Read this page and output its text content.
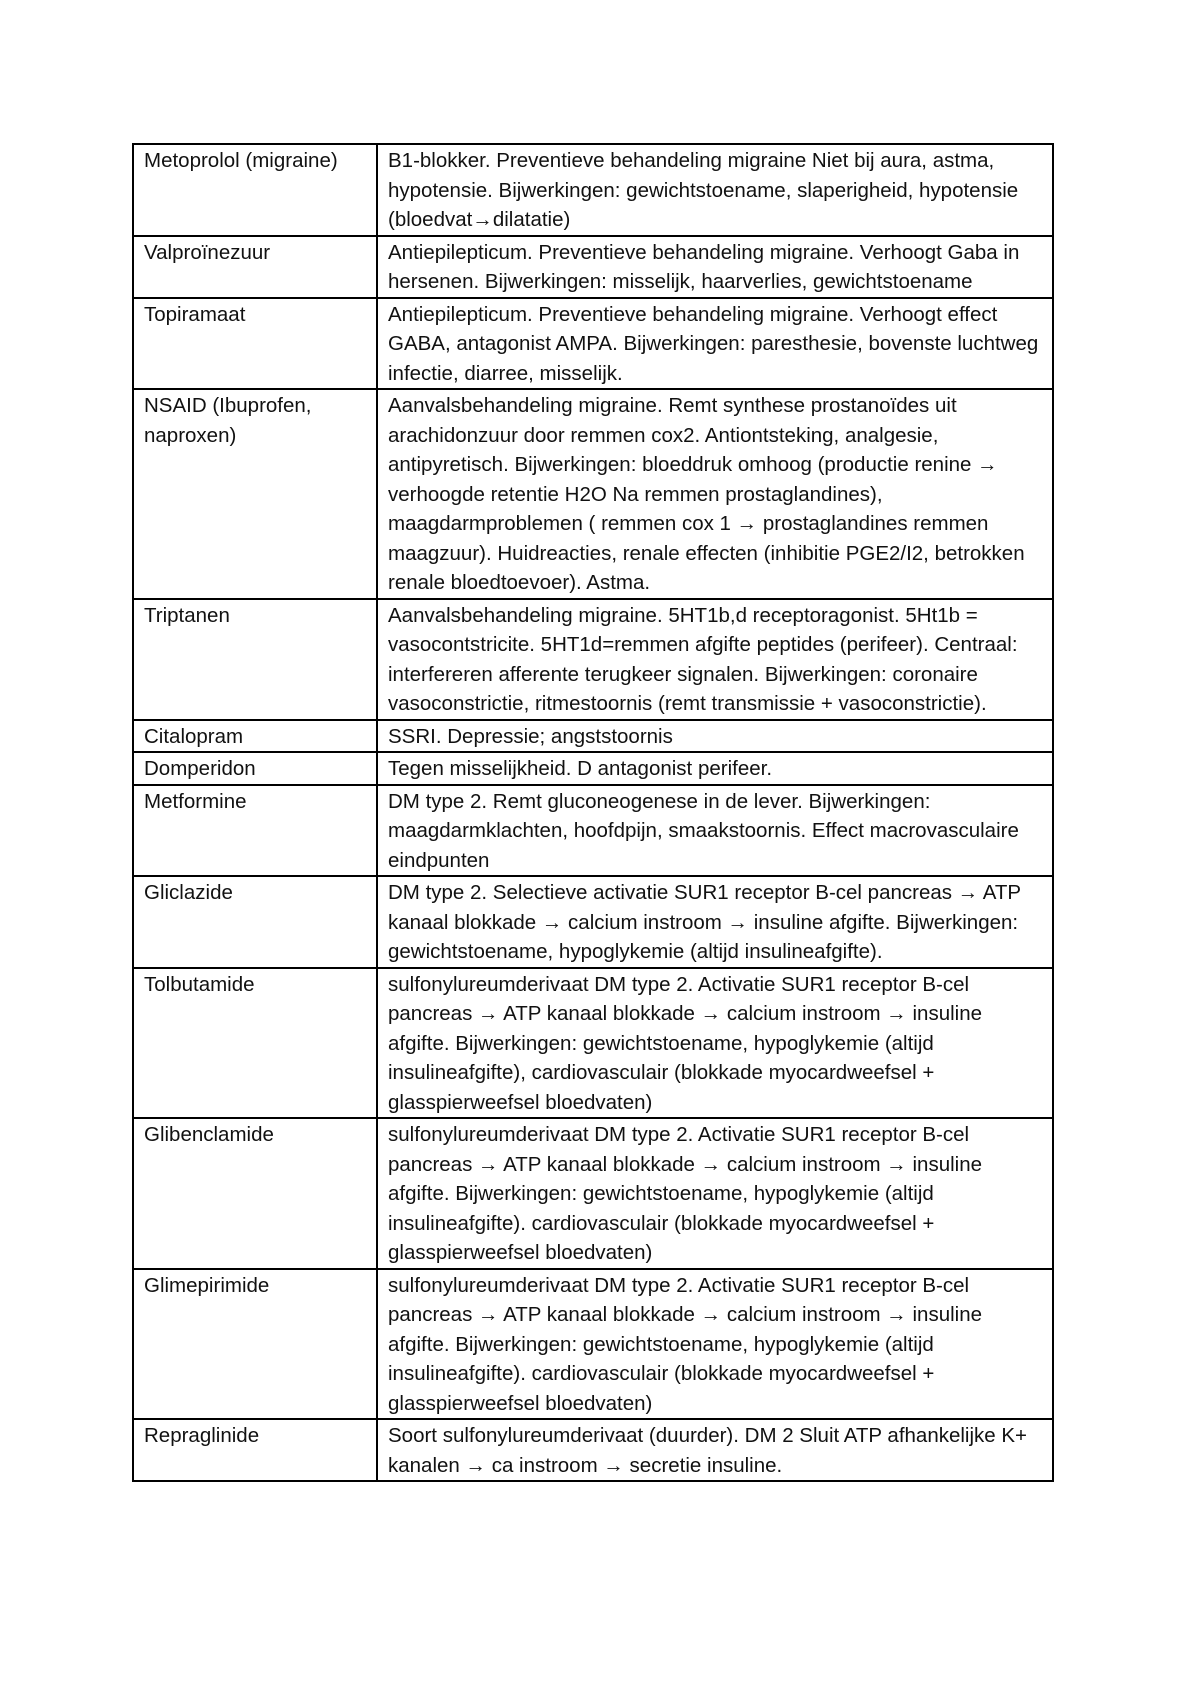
Metoprolol (migraine)	B1-blokker. Preventieve behandeling migraine Niet bij aura, astma, hypotensie. Bijwerkingen: gewichtstoename, slaperigheid, hypotensie (bloedvat→dilatatie)
Valproïnezuur	Antiepilepticum. Preventieve behandeling migraine. Verhoogt Gaba in hersenen. Bijwerkingen: misselijk, haarverlies, gewichtstoename
Topiramaat	Antiepilepticum. Preventieve behandeling migraine. Verhoogt effect GABA, antagonist AMPA. Bijwerkingen: paresthesie, bovenste luchtweg infectie, diarree, misselijk.
NSAID (Ibuprofen, naproxen)	Aanvalsbehandeling migraine. Remt synthese prostanoïdes uit arachidonzuur door remmen cox2. Antiontsteking, analgesie, antipyretisch. Bijwerkingen: bloeddruk omhoog (productie renine → verhoogde retentie H2O Na remmen prostaglandines), maagdarmproblemen ( remmen cox 1 → prostaglandines remmen maagzuur). Huidreacties, renale effecten (inhibitie PGE2/I2, betrokken renale bloedtoevoer). Astma.
Triptanen	Aanvalsbehandeling migraine. 5HT1b,d receptoragonist. 5Ht1b = vasocontstricite. 5HT1d=remmen afgifte peptides (perifeer). Centraal: interfereren afferente terugkeer signalen. Bijwerkingen: coronaire vasoconstrictie, ritmestoornis (remt transmissie + vasoconstrictie).
Citalopram	SSRI. Depressie; angststoornis
Domperidon	Tegen misselijkheid. D antagonist perifeer.
Metformine	DM type 2. Remt gluconeogenese in de lever. Bijwerkingen: maagdarmklachten, hoofdpijn, smaakstoornis. Effect macrovasculaire eindpunten
Gliclazide	DM type 2. Selectieve activatie SUR1 receptor B-cel pancreas → ATP kanaal blokkade → calcium instroom → insuline afgifte. Bijwerkingen: gewichtstoename, hypoglykemie (altijd insulineafgifte).
Tolbutamide	sulfonylureumderivaat DM type 2. Activatie SUR1 receptor B-cel pancreas → ATP kanaal blokkade → calcium instroom → insuline afgifte. Bijwerkingen: gewichtstoename, hypoglykemie (altijd insulineafgifte), cardiovasculair (blokkade myocardweefsel + glasspierweefsel bloedvaten)
Glibenclamide	sulfonylureumderivaat DM type 2. Activatie SUR1 receptor B-cel pancreas → ATP kanaal blokkade → calcium instroom → insuline afgifte. Bijwerkingen: gewichtstoename, hypoglykemie (altijd insulineafgifte). cardiovasculair (blokkade myocardweefsel + glasspierweefsel bloedvaten)
Glimepirimide	sulfonylureumderivaat DM type 2. Activatie SUR1 receptor B-cel pancreas → ATP kanaal blokkade → calcium instroom → insuline afgifte. Bijwerkingen: gewichtstoename, hypoglykemie (altijd insulineafgifte). cardiovasculair (blokkade myocardweefsel + glasspierweefsel bloedvaten)
Repraglinide	Soort sulfonylureumderivaat (duurder). DM 2 Sluit ATP afhankelijke K+ kanalen → ca instroom → secretie insuline.
